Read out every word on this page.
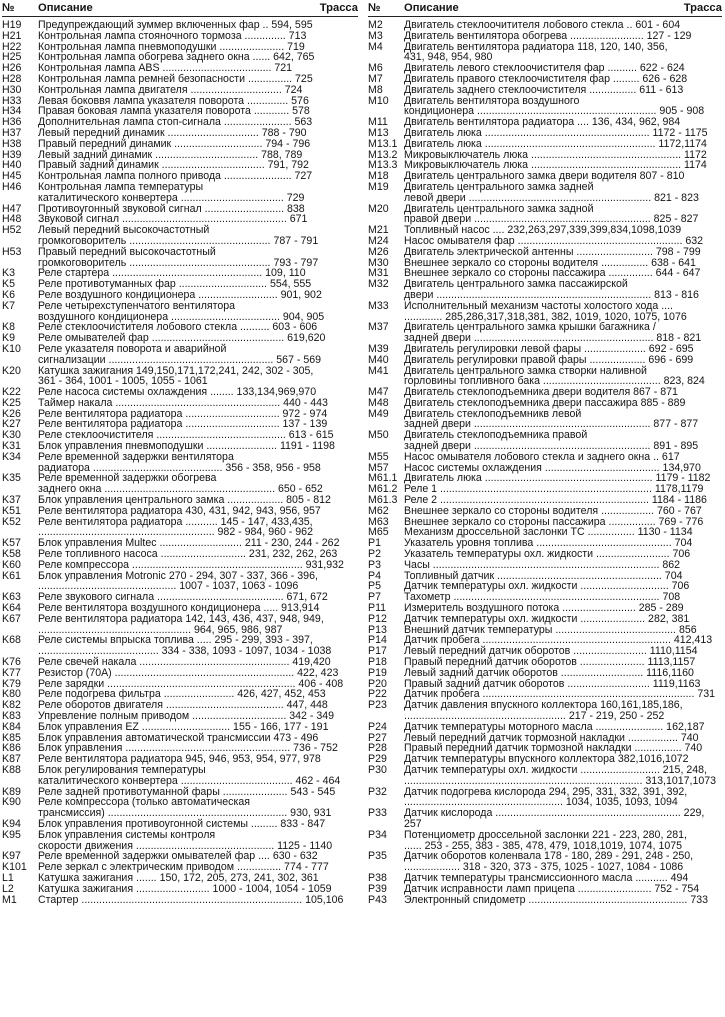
№	Описание	Трасса
H19	Предупреждающий зуммер включенных фар .. 594, 595
H21	Контрольная лампа стояночного тормоза .............. 713
H22	Контрольная лампа пневмоподушки ...................... 719
H25	Контрольная лампа обогрева заднего окна ...... 642, 765
H26	Контрольная лампа ABS ..................................... 721
H28	Контрольная лампа ремней безопасности ............... 725
H30	Контрольная лампа двигателя ............................... 724
H33	Левая боковвя лампа указателя поворота .............. 576
H34	Правая боковая лампа указателя поворота ............ 578
H36	Дополнительная лампа стоп-сигнала ....................... 563
H37	Левый передний динамик ............................... 788 - 790
H38	Правый передний динамик .............................. 794 - 796
H39	Левый задний динамик ................................... 788, 789
H40	Правый задний динамик ................................... 791, 792
H45	Контрольная лампа полного привода ....................... 727
H46	Контрольная лампа температуры
каталитического конвертера ................................... 729
H47	Противоугонный звуковой сигнал ........................... 838
H48	Звуковой сигнал ........................................................ 671
H52	Левый передний высокочастотный
громкоговоритель ................................................ 787 - 791
H53	Правый передний высокочастотный
громкоговоритель ................................................ 793 - 797
K3	Реле стартера ................................................... 109, 110
K5	Реле противотуманных фар .............................. 554, 555
K6	Реле воздушного кондиционера ........................... 901, 902
K7	Реле четырехступенчатого вентилятора
воздушного кондиционера ..................................... 904, 905
K8	Реле стеклоочистителя лобового стекла .......... 603 - 606
K9	Реле омывателей фар ............................................. 619,620
K10	Реле указателя поворота и аварийной
сигнализации ........................................................ 567 - 569
K20	Катушка зажигания 149,150,171,172,241, 242, 302 - 305,
361 - 364, 1001 - 1005, 1055 - 1061
K22	Реле насоса системы охлаждения ........ 133,134,969,970
K25	Таймер накала ........................................................ 440 - 443
K26	Реле вентилятора радиатора ................................ 972 - 974
K27	Реле вентилятора радиатора ................................ 137 - 139
K30	Реле стеклоочистителя ............................................ 613 - 615
K31	Блок управления пневмоподушки ........................ 1191 - 1198
K34	Реле временной задержки вентилятора
радиатора ............................................ 356 - 358, 956 - 958
K35	Реле временной задержки обогрева
заднего окна .......................................................... 650 - 652
K37	Блок управления центрального замка ................... 805 - 812
K51	Реле вентилятора радиатора 430, 431, 942, 943, 956, 957
K52	Реле вентилятора радиатора ........... 145 - 147, 433,435,
............................................................ 982 - 984, 960 - 962
K57	Блок управления Multec ............................ 211 - 230, 244 - 262
K58	Реле топливного насоса ............................. 231, 232, 262, 263
K60	Реле компрессора .......................................................... 931,932
K61	Блок управления Motronic 270 - 294, 307 - 337, 366 - 396,
............................................... 1007 - 1037, 1063 - 1096
K63	Реле звукового сигнала ........................................... 671, 672
K64	Реле вентилятора воздушного кондиционера ..... 913,914
K67	Реле вентилятора радиатора 142, 143, 436, 437, 948, 949,
.................................................... 964, 965, 986, 987
K68	Реле системы впрыска топлива ..... 295 - 299, 393 - 397,
......................................... 334 - 338, 1093 - 1097, 1034 - 1038
K76	Реле свечей накала ................................................... 419,420
K77	Резистор (70А) ............................................................. 422, 423
K79	Реле зарядки ................................................................ 406 - 408
K80	Реле подогрева фильтра ........................ 426, 427, 452, 453
K82	Реле оборотов двигателя ........................................ 447, 448
K83	Упревление полным приводом ................................ 342 - 349
K84	Блок управления EZ .............................. 155 - 166, 177 - 191
K85	Блок управления автоматической трансмиссии 473 - 496
K86	Блок управления ........................................................ 736 - 752
K87	Реле вентилятора радиатора 945, 946, 953, 954, 977, 978
K88	Блок регулирования температуры
каталитического конвертера ...................................... 462 - 464
K89	Реле задней противотуманной фары ...................... 543 - 545
K90	Реле компрессора (только автоматическая
трансмиссия) ............................................................. 930, 931
K94	Блок управления противоугонной системы ......... 833 - 847
K95	Блок управления системы контроля
скорости движения ............................................... 1125 - 1140
K97	Реле временной задержки омывателей фар .... 630 - 632
K101	Реле зеркал с электрическим приводом ............... 774 - 777
L1	Катушка зажигания ....... 150, 172, 205, 273, 241, 302, 361
L2	Катушка зажигания ......................... 1000 - 1004, 1054 - 1059
M1	Стартер ........................................................................... 105,106
№	Описание	Трасса
M2	Двигатель стеклоочитителя лобового стекла .. 601 - 604
M3	Двигатель вентилятора обогрева ......................... 127 - 129
M4	Двигатель вентилятора радиатора 118, 120, 140, 356,
431, 948, 954, 980
M6	Двигатель левого стеклоочистителя фар .......... 622 - 624
M7	Двигатель правого стеклоочистителя фар ......... 626 - 628
M8	Двигатель заднего стеклоочистителя ................ 611 - 613
M10	Двигатель вентилятора воздушного
кондиционера ............................................................. 905 - 908
M11	Двигатель вентилятора радиатора .... 136, 434, 962, 984
M13	Двигатель люка ........................................................ 1172 - 1175
M13.1 Двигатель люка .......................................................... 1172,1174
M13.2 Микровыключатель люка ................................................... 1172
M13.3 Микровыключатель люка ................................................... 1174
M18	Двигатель центрального замка двери водителя 807 - 810
M19	Двигатель центрального замка задней
левой двери .............................................................. 821 - 823
M20	Двигатель центрального замка задной
правой двери ............................................................ 825 - 827
M21	Топливный насос .... 232,263,297,339,399,834,1098,1039
M24	Насос омывателя фар ........................................................ 632
M26	Двигатель электрической антенны .......................... 798 - 799
M30	Внешнее зеркало со стороны водителя ................ 638 - 641
M31	Внешнее зеркало со стороны пассажира ............... 644 - 647
M32	Двигатель центрального замка пассажирской
двери ......................................................................... 813 - 816
M33	Исполнительный механизм частоты холостого хода ....
............. 285,286,317,318,381, 382, 1019, 1020, 1075, 1076
M37	Двигатель центрального замка крышки багажника /
задней двери ............................................................. 818 - 821
M39	Двигатель регулировки левой фары ..................... 692 - 695
M40	Двигатель регулировки правой фары ................... 696 - 699
M41	Двигатель центрального замка створки наливной
горловины топливного бака ........................................ 823, 824
M47	Двигатель стеклоподъемника двери водителя 867 - 871
M48	Двигатель стеклоподъемника двери пассажира 885 - 889
M49	Двигатель стеклоподъемникв левой
задней двери ............................................................ 877 - 877
M50	Двигатель стеклоподъемника правой
задней двери ............................................................ 891 - 895
M55	Насос омывателя лобового стекла и заднего окна .. 617
M57	Насос системы охлаждения ....................................... 134,970
M61.1 Двигатель люка ......................................................... 1179 - 1182
M61.2 Реле 1 ........................................................................ 1178,1179
M61.3 Реле 2 ....................................................................... 1184 - 1186
M62	Внешнее зеркало со стороны водителя .................. 760 - 767
M63	Внешнее зеркало со стороны пассажира ................ 769 - 776
M65	Механизм дроссельной заслонки TC ................ 1130 - 1134
P1	Указатель уровня топлива .............................................. 704
P2	Указатель температуры охл. жидкости ......................... 706
P3	Часы ............................................................................. 862
P4	Топливный датчик ........................................................ 704
P5	Датчик температуры охл. жидкости .............................. 706
P7	Тахометр ...................................................................... 708
P11	Измеритель воздушного потока ......................... 285 - 289
P12	Датчик температуры охл. жидкости ...................... 282, 381
P13	Внешний датчик температуры ......................................... 856
P14	Датчик пробега ................................................................ 412,413
P17	Левый передний датчик оборотов ......................... 1110,1154
P18	Правый передний датчик оборотов ...................... 1113,1157
P19	Левый задний датчик оборотов ............................ 1116,1160
P20	Правый задний датчик оборотов ............................ 1119,1163
P22	Датчик пробега ........................................................................ 731
P23	Датчик давления впускного коллектора 160,161,185,186,
....................................................... 217 - 219, 250 - 252
P24	Датчик температуры моторного масла ....................... 162,187
P27	Левый передний датчик тормозной накладки ................. 740
P28	Правый передний датчик тормозной накладки ................ 740
P29	Датчик температуры впускного коллектора 382,1016,1072
P30	Датчик температуры охл. жидкости ........................... 215, 248,
................................................................................. 313,1017,1073
P32	Датчик подогрева кислорода 294, 295, 331, 332, 391, 392,
...................................................... 1034, 1035, 1093, 1094
P33	Датчик кислорода ............................................................... 229, 257
P34	Потенциометр дроссельной заслонки 221 - 223, 280, 281,
...... 253 - 255, 383 - 385, 478, 479, 1018,1019, 1074, 1075
P35	Датчик оборотов коленвала 178 - 180, 289 - 291, 248 - 250,
................... 318 - 320, 373 - 375, 1025 - 1027, 1084 - 1086
P38	Датчик температуры трансмиссионного масла ........... 494
P39	Датчик исправности ламп прицепа ......................... 752 - 754
P43	Электронный спидометр ...................................................... 733
